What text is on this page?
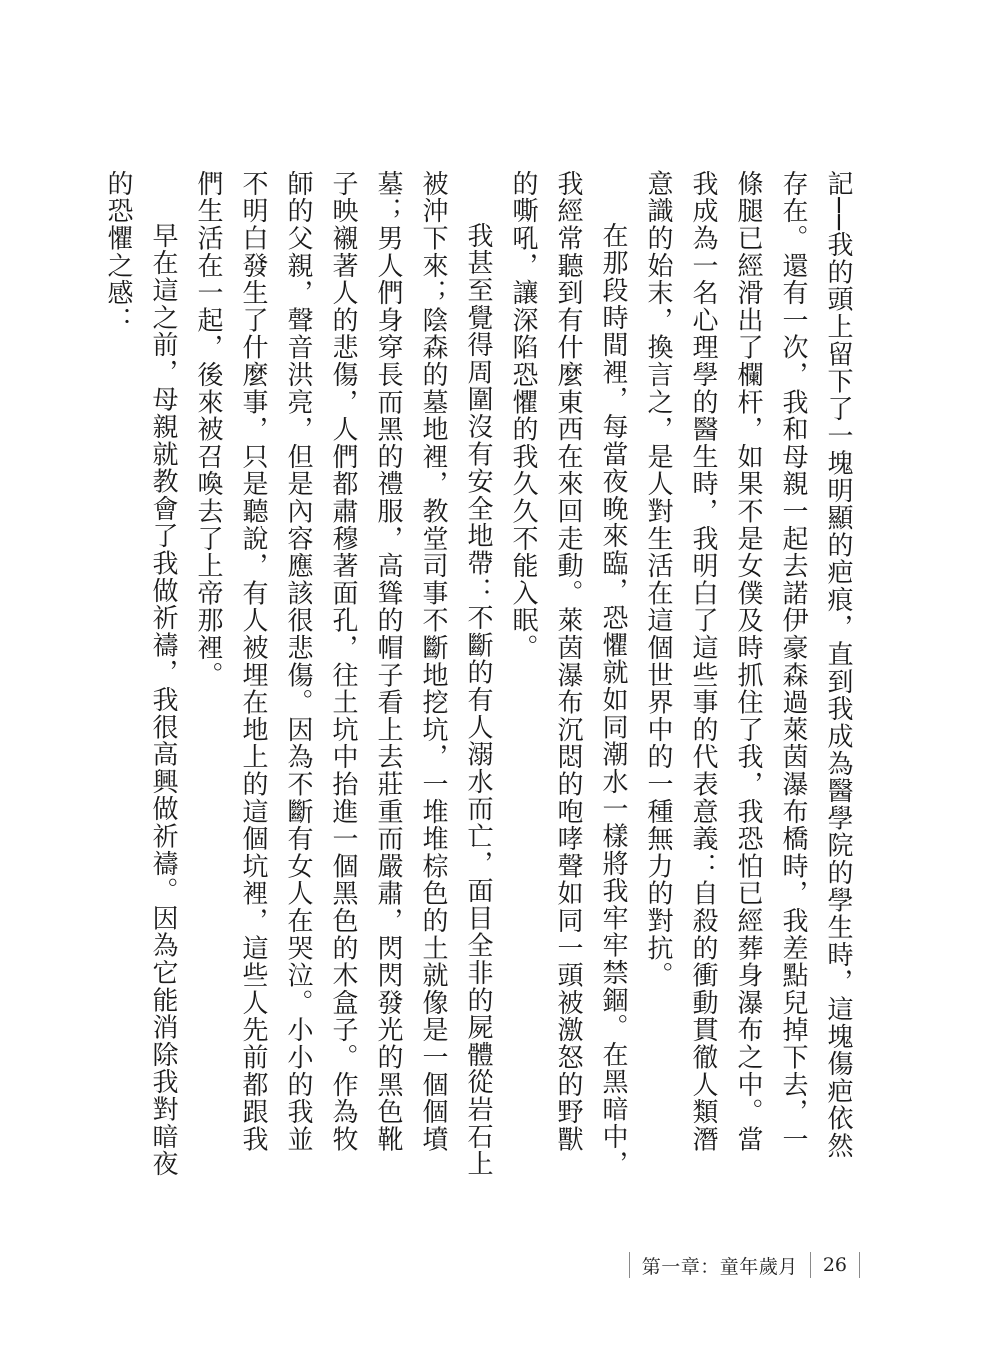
記──我的頭上留下了一塊明顯的疤痕，直到我成為醫學院的學生時，這塊傷疤依然存在。還有一次，我和母親一起去諾伊豪森過萊茵瀑布橋時，我差點兒掉下去，一條腿已經滑出了欄杆，如果不是女僕及時抓住了我，我恐怕已經葬身瀑布之中。當我成為一名心理學的醫生時，我明白了這些事的代表意義：自殺的衝動貫徹人類潛意識的始末，換言之，是人對生活在這個世界中的一種無力的對抗。

在那段時間裡，每當夜晚來臨，恐懼就如同潮水一樣將我牢牢禁錮。在黑暗中，我經常聽到有什麼東西在來回走動。萊茵瀑布沉悶的咆哮聲如同一頭被激怒的野獸的嘶吼，讓深陷恐懼的我久久不能入眠。

我甚至覺得周圍沒有安全地帶：不斷的有人溺水而亡，面目全非的屍體從岩石上被沖下來；陰森的墓地裡，教堂司事不斷地挖坑，一堆堆棕色的土就像是一個個墳墓；男人們身穿長而黑的禮服，高聳的帽子看上去莊重而嚴肅，閃閃發光的黑色靴子映襯著人的悲傷，人們都肅穆著面孔，往土坑中抬進一個黑色的木盒子。作為牧師的父親，聲音洪亮，但是內容應該很悲傷。因為不斷有女人在哭泣。小小的我並不明白發生了什麼事，只是聽說，有人被埋在地上的這個坑裡，這些人先前都跟我們生活在一起，後來被召喚去了上帝那裡。

早在這之前，母親就教會了我做祈禱，我很高興做祈禱。因為它能消除我對暗夜的恐懼之感：

第一章：童年歲月	26
